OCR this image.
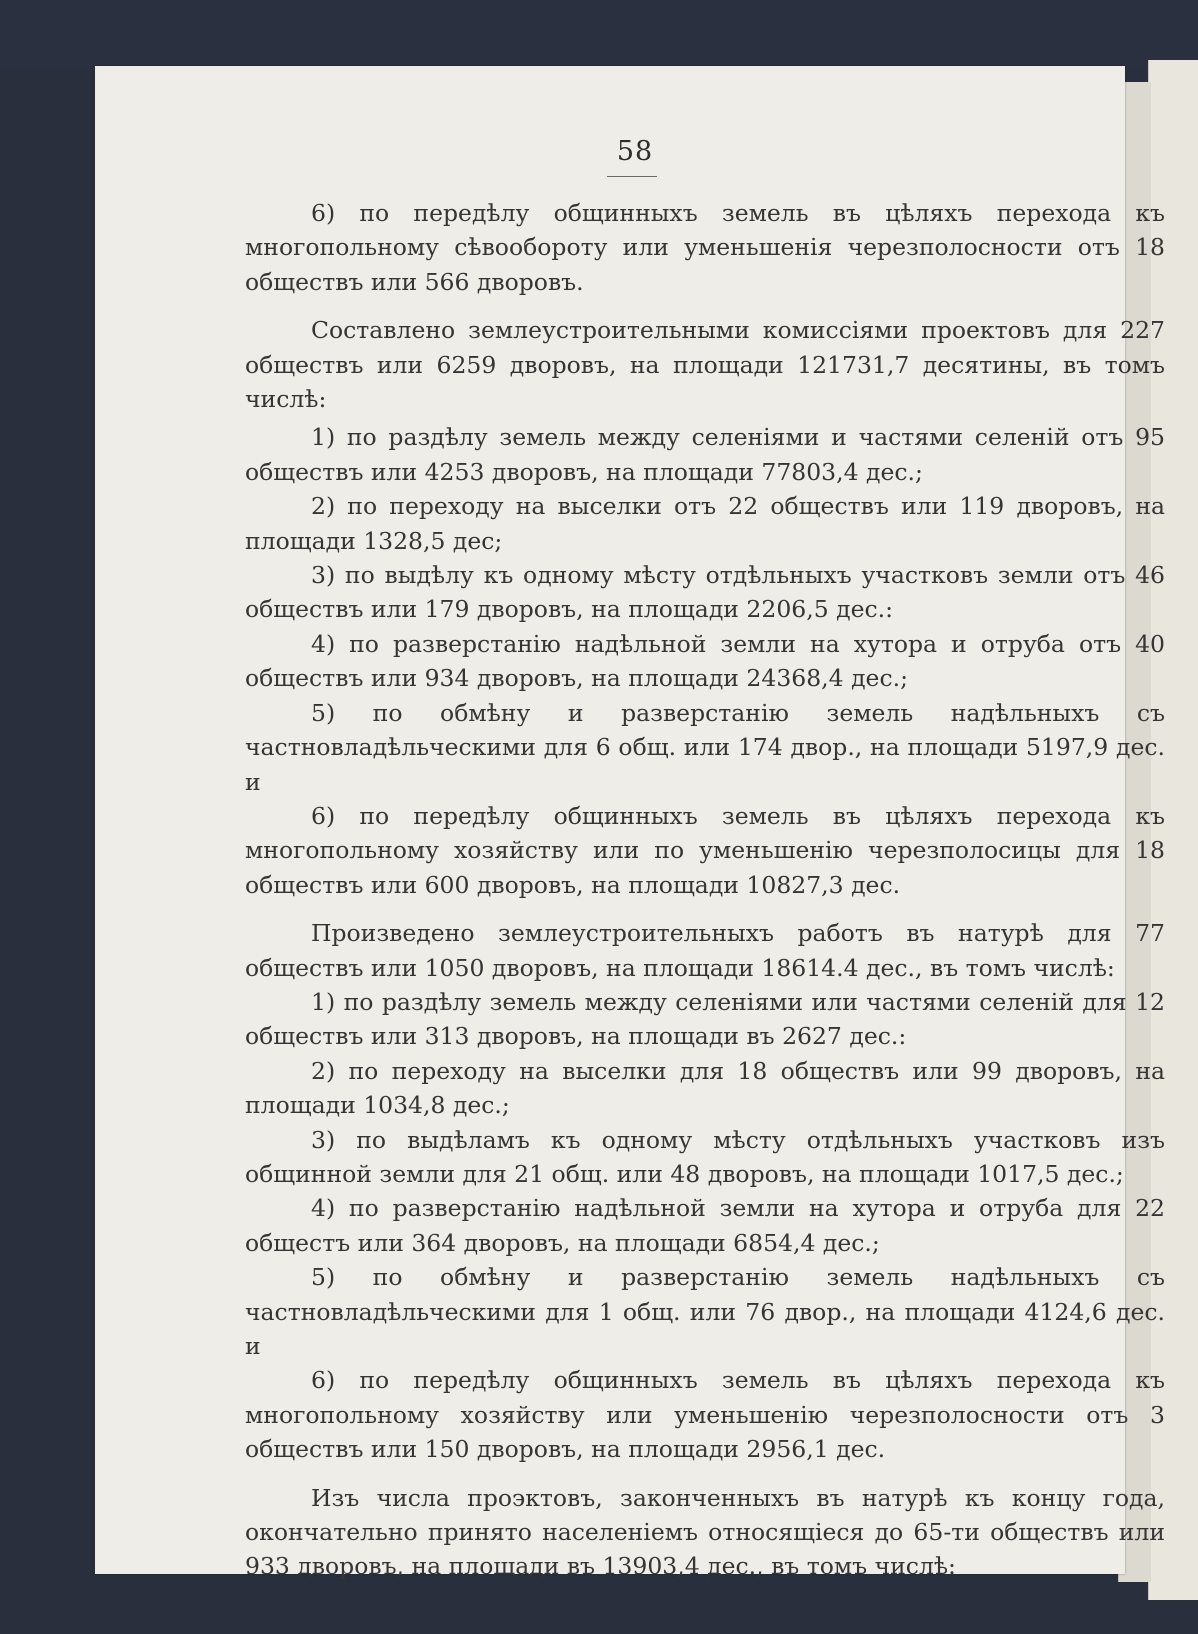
58

6) по передѣлу общинныхъ земель въ цѣляхъ перехода къ многопольному сѣвообороту или уменьшенія черезполосности отъ 18 обществъ или 566 дворовъ.

Составлено землеустроительными комиссіями проектовъ для 227 обществъ или 6259 дворовъ, на площади 121731,7 десятины, въ томъ числѣ:

1) по раздѣлу земель между селеніями и частями селеній отъ 95 обществъ или 4253 дворовъ, на площади 77803,4 дес.;

2) по переходу на выселки отъ 22 обществъ или 119 дворовъ, на площади 1328,5 дес;

3) по выдѣлу къ одному мѣсту отдѣльныхъ участковъ земли отъ 46 обществъ или 179 дворовъ, на площади 2206,5 дес.:

4) по разверстанію надѣльной земли на хутора и отруба отъ 40 обществъ или 934 дворовъ, на площади 24368,4 дес.;

5) по обмѣну и разверстанію земель надѣльныхъ съ частновладѣльческими для 6 общ. или 174 двор., на площади 5197,9 дес. и

6) по передѣлу общинныхъ земель въ цѣляхъ перехода къ многопольному хозяйству или по уменьшенію черезполосицы для 18 обществъ или 600 дворовъ, на площади 10827,3 дес.

Произведено землеустроительныхъ работъ въ натурѣ для 77 обществъ или 1050 дворовъ, на площади 18614.4 дес., въ томъ числѣ:

1) по раздѣлу земель между селеніями или частями селеній для 12 обществъ или 313 дворовъ, на площади въ 2627 дес.:

2) по переходу на выселки для 18 обществъ или 99 дворовъ, на площади 1034,8 дес.;

3) по выдѣламъ къ одному мѣсту отдѣльныхъ участковъ изъ общинной земли для 21 общ. или 48 дворовъ, на площади 1017,5 дес.;

4) по разверстанію надѣльной земли на хутора и отруба для 22 общестъ или 364 дворовъ, на площади 6854,4 дес.;

5) по обмѣну и разверстанію земель надѣльныхъ съ частновладѣльческими для 1 общ. или 76 двор., на площади 4124,6 дес. и

6) по передѣлу общинныхъ земель въ цѣляхъ перехода къ многопольному хозяйству или уменьшенію черезполосности отъ 3 обществъ или 150 дворовъ, на площади 2956,1 дес.

Изъ числа проэктовъ, законченныхъ въ натурѣ къ концу года, окончательно принято населеніемъ относящіеся до 65-ти обществъ или 933 дворовъ, на площади въ 13903,4 дес., въ томъ числѣ:
